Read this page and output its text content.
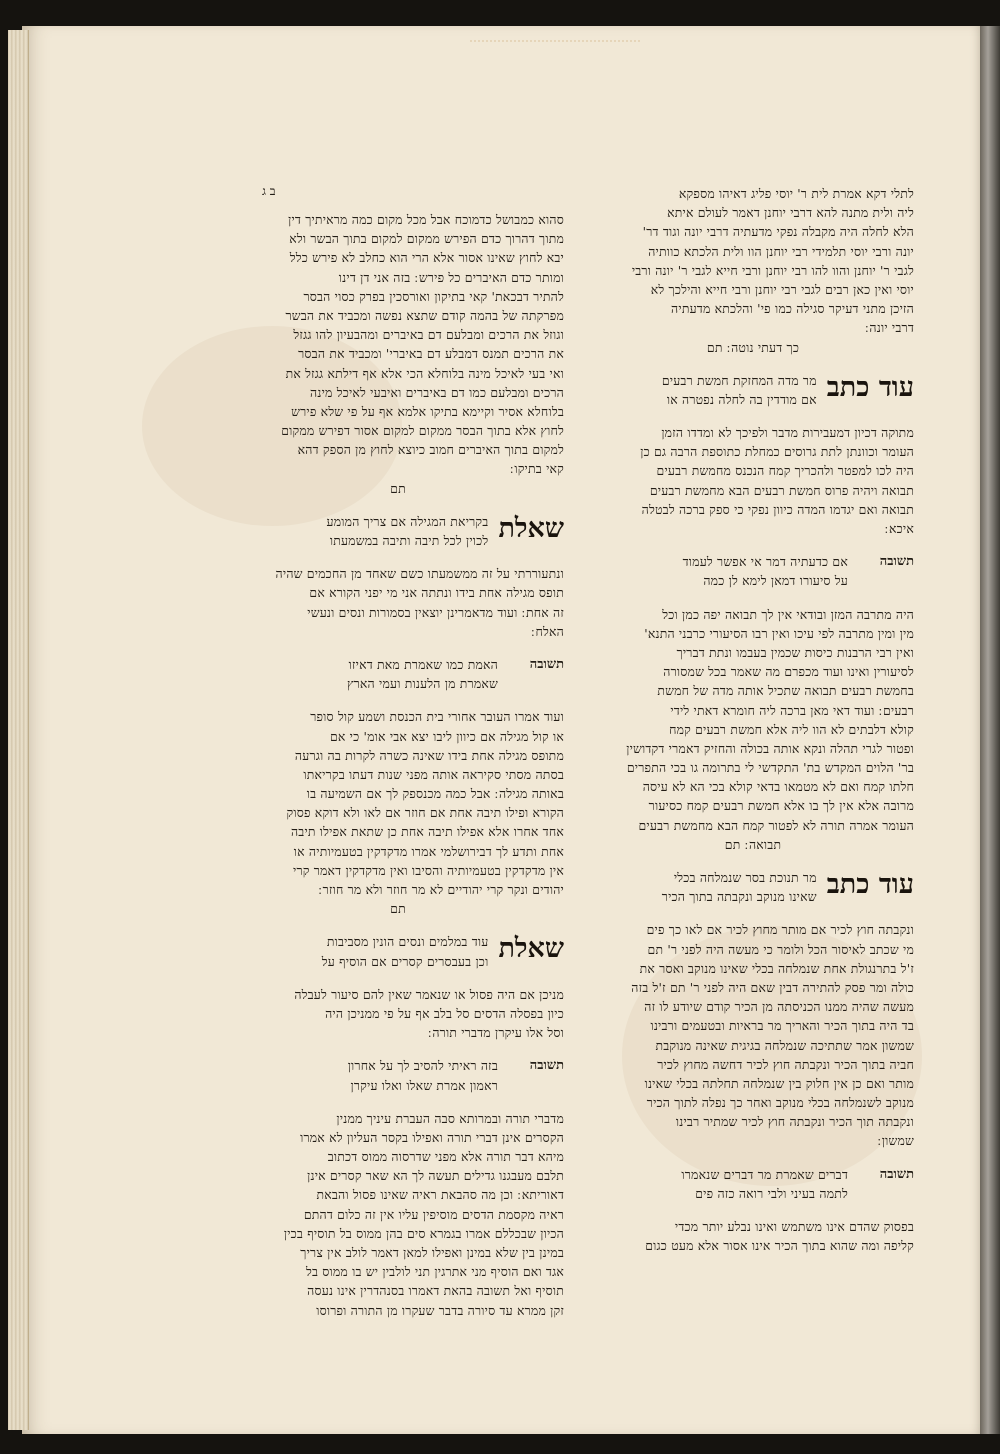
ב ג	לתלי דקא אמרת לית ר' יוסי פליג דאיהו מספקא
ליה ולית מתנה להא דרבי יוחנן דאמר לעולם איתא
הלא לחלה היה מקבלה נפקי מדעתיה דרבי יונה וגוד דר'
יונה ורבי יוסי תלמידי רבי יוחנן הוו ולית הלכתא כוותיה
לגבי ר' יוחנן והוו להו רבי יוחנן ורבי חייא לגבי ר' יונה ורבי
יוסי ואין כאן רבים לגבי רבי יוחנן ורבי חייא והילכך לא
הזיכן מתני דעיקר סגילה כמו פי' והלכתא מדעתיה
דרבי יונה ׃
כך דעתי נוטה ׃ תם
עוד כתב
מר מדה המחזקת חמשת רבעים
אם מודדין בה לחלה נפטרה או
מתוקה דכיון דמעבירות מדבר ולפיכך לא ומדדו הזמן
העומר וכוונתן לתת גרוסים כמחלת כתוספת הרבה גם כן
היה לכו למפטר ולהכריך קמח הנכנס מחמשת רבעים
תבואה ויהיה פרוס חמשת רבעים הבא מחמשת רבעים
תבואה ואם יגדמו המדה כיוון נפקי כי ספק ברכה לבטלה
איכא ׃
תשובה
אם כדעתיה דמר אי אפשר לעמוד
על סיעורו דמאן לימא לן כמה
היה מתרבה המזן ובודאי אין לך תבואה יפה כמן וכל
מין ומין מתרבה לפי עיכו ואין רבו הסיעורי כרבני התנא'
ואין רבי הרבנות כיסות שכמין בעבמו ונתת דבריך
לסיעורין ואינו ועוד מכפרם מה שאמר בכל שמסורה
בחמשת רבעים תבואה שתכיל אותה מדה של חמשת
רבעים ׃ ועוד דאי מאן ברכה ליה חומרא דאתי לידי
קולא דלבתים לא הוו ליה אלא חמשת רבעים קמח
ופטור לגרי תהלה ונקא אותה בכולה והחזיק דאמרי דקדושין
בר' הלוים המקדש בת' התקדשי לי בתרומה גו בכי התפרים
חלתו קמח ואם לא מטמאו בדאי קולא בכי הא לא עיסה
מרובה אלא אין לך בו אלא חמשת רבעים קמח כסיעור
העומר אמרה תורה לא לפטור קמח הבא מחמשת רבעים
תבואה ׃ תם
עוד כתב
מר תנוכת בסר שנמלחה בכלי
שאינו מנוקב ונקבתה בתוך הכיר
ונקבתה חוץ לכיר אם מותר מחוץ לכיר אם לאו כך פים
מי שכתב לאיסור הכל ולומר כי מעשה היה לפני ר' תם
ז'ל בתרנגולת אחת שנמלחה בכלי שאינו מנוקב ואסר את
כולה ומר פסק להתירה דבין שאם היה לפני ר' תם ז'ל בזה
מעשה שהיה ממנו הכניסתה מן הכיר קודם שיודע לו זה
בד היה בתוך הכיר והאריך מר בראיות ובטעמים ורבינו
שמשון אמר שתתיכה שנמלחה בגיגית שאינה מנוקבת
חביה בתוך הכיר ונקבתה חוץ לכיר דחשה מחוץ לכיר
מותר ואם כן אין חלוק בין שנמלחה תחלתה בכלי שאינו
מנוקב לשנמלחה בכלי מנוקב ואחר כך נפלה לתוך הכיר
ונקבתה תוך הכיר ונקבתה חוץ לכיר שמתיר רבינו
שמשון ׃
תשובה
דברים שאמרת מר דברים שנאמרו
לתמה בעיני ולבי רואה כזה פים
בפסוק שהדם אינו משתמש ואינו נבלע יותר מכדי
קליפה ומה שהוא בתוך הכיר אינו אסור אלא מעט כגום
סהוא כמבושל כדמוכח אבל מכל מקום כמה מראיתיך דין
מתוך דהרוך כדם הפירש ממקום למקום בתוך הבשר ולא
יבא לחוץ שאינו אסור אלא הרי הוא כחלב לא פירש כלל
ומותר כדם האיברים כל פירש ׃ בזה אני דן דינו
להתיר דבכאת' קאי בתיקון ואורסכין בפרק כסוי הבסר
מפרקתה של בהמה קודם שתצא נפשה ומכביד את הבשר
וגוזל את הרכים ומבלעם דם באיברים ומהבעיון להו גגזל
את הרכים תמנס דמבלע דם באיברי' ומכביד את הבסר
ואי בעי לאיכל מינה בלוחלא הכי אלא אף דילתא גגזל את
הרכים ומבלעם כמו דם באיברים ואיבעי לאיכל מינה
בלוחלא אסיר וקיימא בתיקו אלמא אף על פי שלא פירש
לחוץ אלא בתוך הבסר ממקום למקום אסור דפירש ממקום
למקום בתוך האיברים חמוב כיוצא לחוץ מן הספק דהא
קאי בתיקו ׃
תם
שאלת
בקריאת המגילה אם צריך המומע
לכוין לכל תיבה ותיבה במשמעתו
ונתעוררתי על זה ממשמעתו כשם שאחד מן החכמים שהיה
תופס מגילה אחת בידו ונתתה אני מי יפני הקורא אם
זה אחת ׃ ועוד מדאמרינן יוצאין בסמורות ונסים ונעשי
האלח ׃
תשובה
האמת כמו שאמרת מאת דאיזו
שאמרת מן הלענות ועמי הארץ
ועוד אמרו העובר אחורי בית הכנסת ושמע קול סופר
או קול מגילה אם כיוון ליבו יצא אבי אומ' כי אם
מתופס מגילה אחת בידו שאינה כשרה לקרות בה וגרעה
בסתה מסתי סקיראה אותה מפני שנות דעתו בקריאתו
באותה מגילה ׃ אבל כמה מכנספק לך אם השמיעה בו
הקורא ופילו תיבה אחת אם חוזר אם לאו ולא דוקא פסוק
אחד אחרו אלא אפילו תיבה אחת כן שתאת אפילו תיבה
אחת ותדע לך דבירושלמי אמרו מדקדקין בטעמיותיה או
אין מדקדקין בטעמיותיה והסיבו ואין מדקדקין דאמר קרי
יהודים ונקר קרי יהודיים לא מר חוזר ולא מר חוזר ׃
תם
שאלת
עוד במלמים ונסים הונין מסביבות
וכן בעבסרים קסרים אם הוסיף על
מניכן אם היה פסול או שנאמר שאין להם סיעור לעבלה
כיון בפסלה הדסים סל בלב אף על פי ממניכן היה
וסל אלו עיקרן מדברי תורה ׃
תשובה
בזה ראיתי להסיב לך על אחרון
ראמון אמרת שאלו ואלו עיקרן
מדברי תורה ובמרותא סבה העברת עיניך ממנין
הקסרים אינן דברי תורה ואפילו בקסר העליון לא אמרו
מיהא דבר תורה אלא מפני שדרסוה ממוס דכתוב
תלבם מעבגנו גדילים תעשה לך הא שאר קסרים אינן
דאוריתא ׃ וכן מה סהבאת ראיה שאינו פסול והבאת
ראיה מקסמת הדסים מוסיפין עליו אין זה כלום דהתם
הכיון שבכללם אמרו בגמרא סים בהן ממוס בל תוסיף בכין
במינן בין שלא במינן ואפילו למאן דאמר לולב אין צריך
אגד ואם הוסיף מני אתרגין תני לולבין יש בו ממוס בל
תוסיף ואל תשובה בהאת דאמרו בסנהדרין אינו נעסה
זקן ממרא עד סיורה בדבר שעקרו מן התורה ופרוסו
